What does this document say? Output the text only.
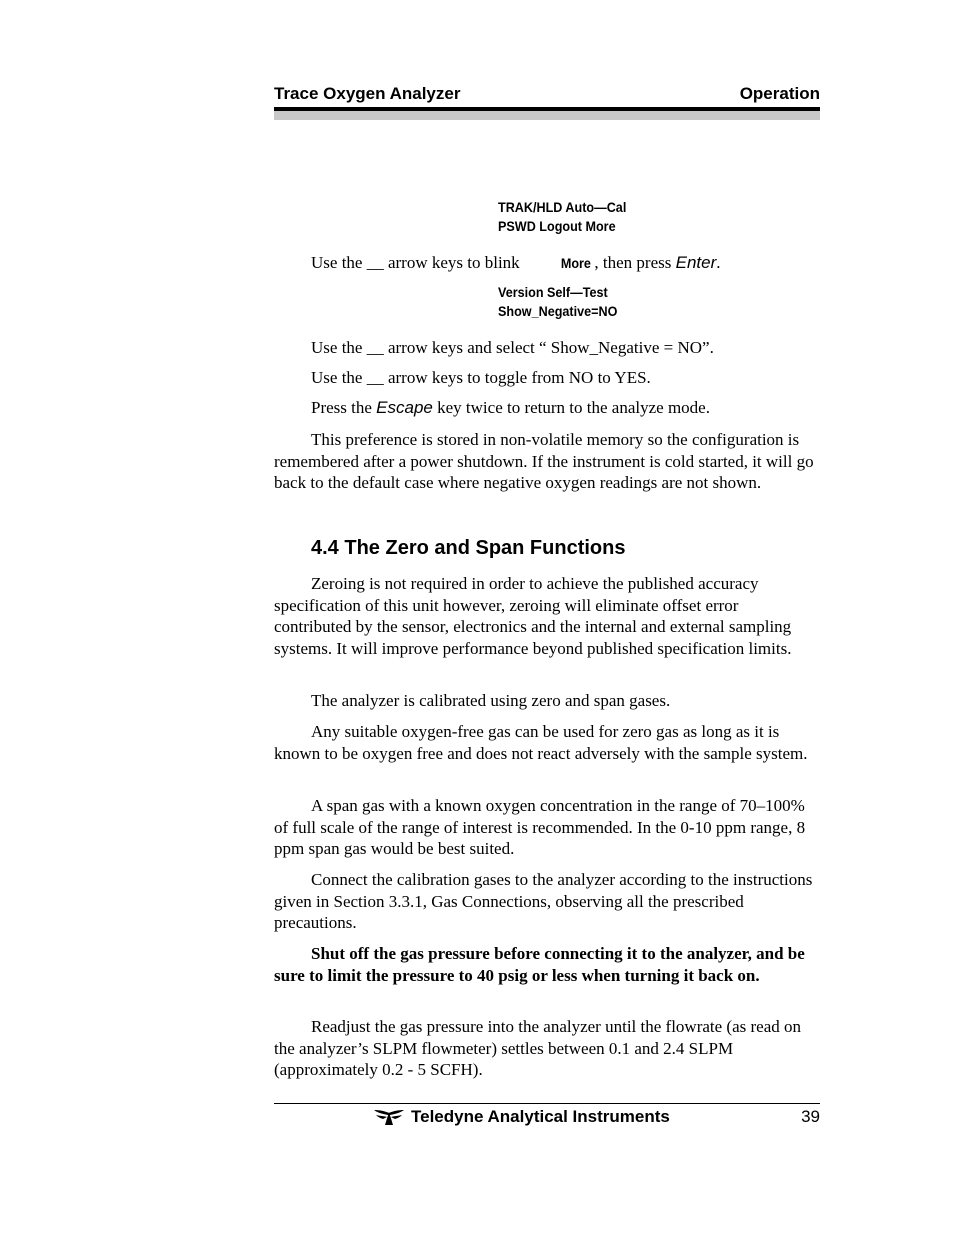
Trace Oxygen Analyzer	Operation
TRAK/HLD Auto—Cal
PSWD Logout More

Use the __ arrow keys to blink	More , then press Enter.

Version Self—Test
Show_Negative=NO

Use the __ arrow keys and select “ Show_Negative = NO”.

Use the __ arrow keys to toggle from NO to YES.

Press the Escape key twice to return to the analyze mode.

This preference is stored in non-volatile memory so the configuration is remembered after a power shutdown. If the instrument is cold started, it will go back to the default case where negative oxygen readings are not shown.

4.4 The Zero and Span Functions

Zeroing is not required in order to achieve the published accuracy specification of this unit however, zeroing will eliminate offset error contributed by the sensor, electronics and the internal and external sampling systems. It will improve performance beyond published specification limits.

The analyzer is calibrated using zero and span gases.

Any suitable oxygen-free gas can be used for zero gas as long as it is known to be oxygen free and does not react adversely with the sample system.

A span gas with a known oxygen concentration in the range of 70–100% of full scale of the range of interest is recommended. In the 0-10 ppm range, 8 ppm span gas would be best suited.

Connect the calibration gases to the analyzer according to the instructions given in Section 3.3.1, Gas Connections, observing all the prescribed precautions.

Shut off the gas pressure before connecting it to the analyzer, and be sure to limit the pressure to 40 psig or less when turning it back on.

Readjust the gas pressure into the analyzer until the flowrate (as read on the analyzer’s SLPM flowmeter) settles between 0.1 and 2.4 SLPM (approximately 0.2 - 5 SCFH).

Teledyne Analytical Instruments	39
